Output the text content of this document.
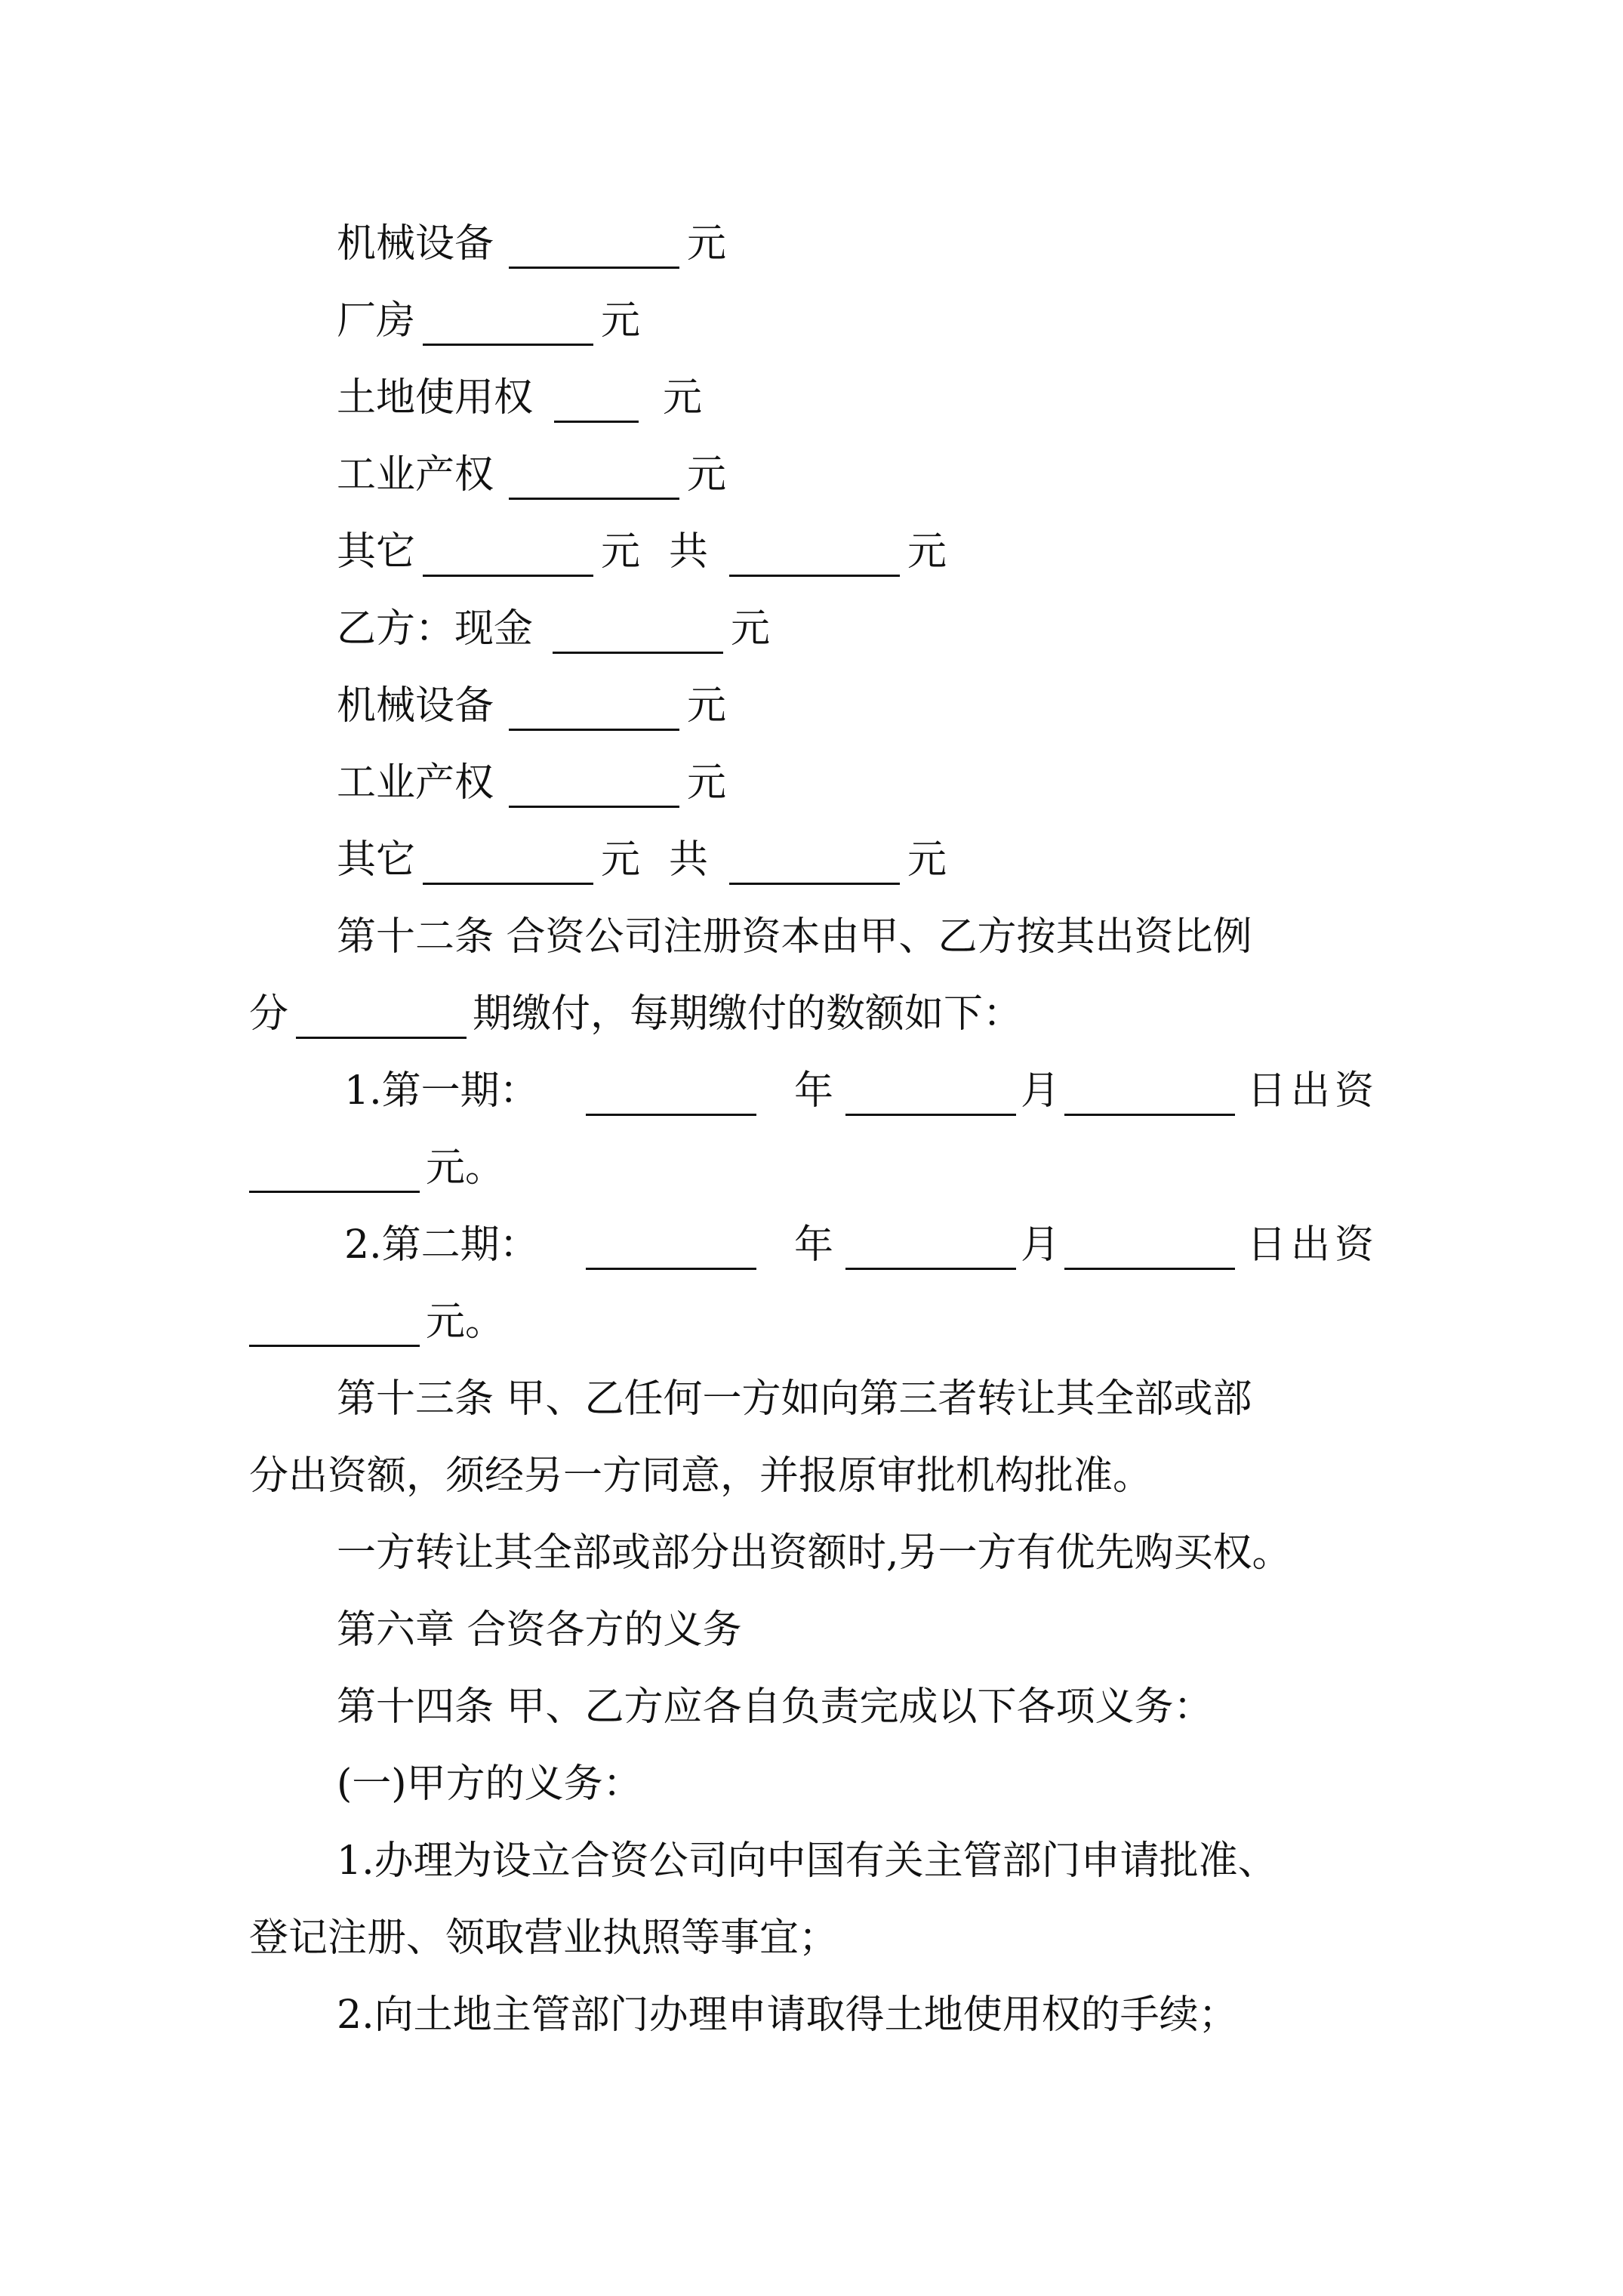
机械设备	元
厂房	元
土地使用权	元
工业产权	元
其它	元 共	元
乙方：现金	元
机械设备	元
工业产权	元
其它	元 共	元
第十二条 合资公司注册资本由甲、乙方按其出资比例
分	期缴付，每期缴付的数额如下：
1.第一期：	年	月	日出资
元。
2.第二期：	年	月	日出资
元。
第十三条 甲、乙任何一方如向第三者转让其全部或部
分出资额，须经另一方同意，并报原审批机构批准。
一方转让其全部或部分出资额时,另一方有优先购买权。
第六章 合资各方的义务
第十四条 甲、乙方应各自负责完成以下各项义务：
(一)甲方的义务：
1.办理为设立合资公司向中国有关主管部门申请批准、
登记注册、领取营业执照等事宜；
2.向土地主管部门办理申请取得土地使用权的手续；
